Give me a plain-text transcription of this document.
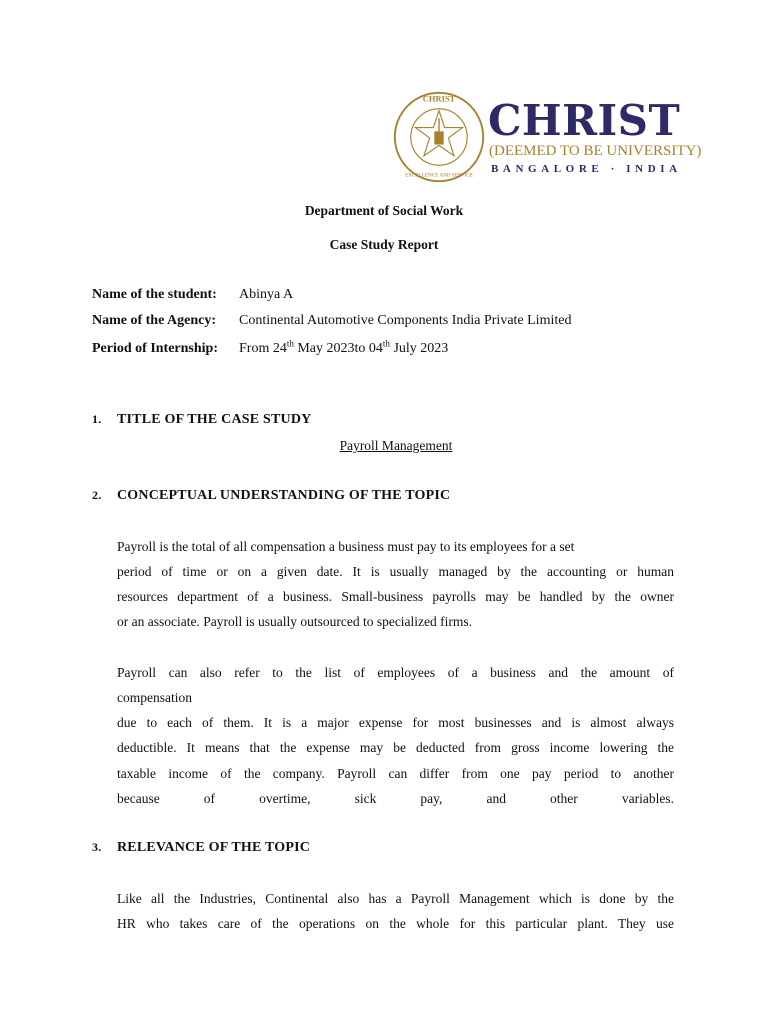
CHRIST
EXCELLENCE AND SERVICE
CHRIST
(DEEMED TO BE UNIVERSITY)
BANGALORE · INDIA
Department of Social Work
Case Study Report
Name of the student: Abinya A
Name of the Agency: Continental Automotive Components India Private Limited
Period of Internship: From 24th May 2023to 04th July 2023
1. TITLE OF THE CASE STUDY
Payroll Management
2. CONCEPTUAL UNDERSTANDING OF THE TOPIC
Payroll is the total of all compensation a business must pay to its employees for a set
period of time or on a given date. It is usually managed by the accounting or human
resources department of a business. Small-business payrolls may be handled by the owner
or an associate. Payroll is usually outsourced to specialized firms.
Payroll can also refer to the list of employees of a business and the amount of
compensation
due to each of them. It is a major expense for most businesses and is almost always
deductible. It means that the expense may be deducted from gross income lowering the
taxable income of the company. Payroll can differ from one pay period to another
because of overtime, sick pay, and other variables.
3. RELEVANCE OF THE TOPIC
Like all the Industries, Continental also has a Payroll Management which is done by the
HR who takes care of the operations on the whole for this particular plant. They use
